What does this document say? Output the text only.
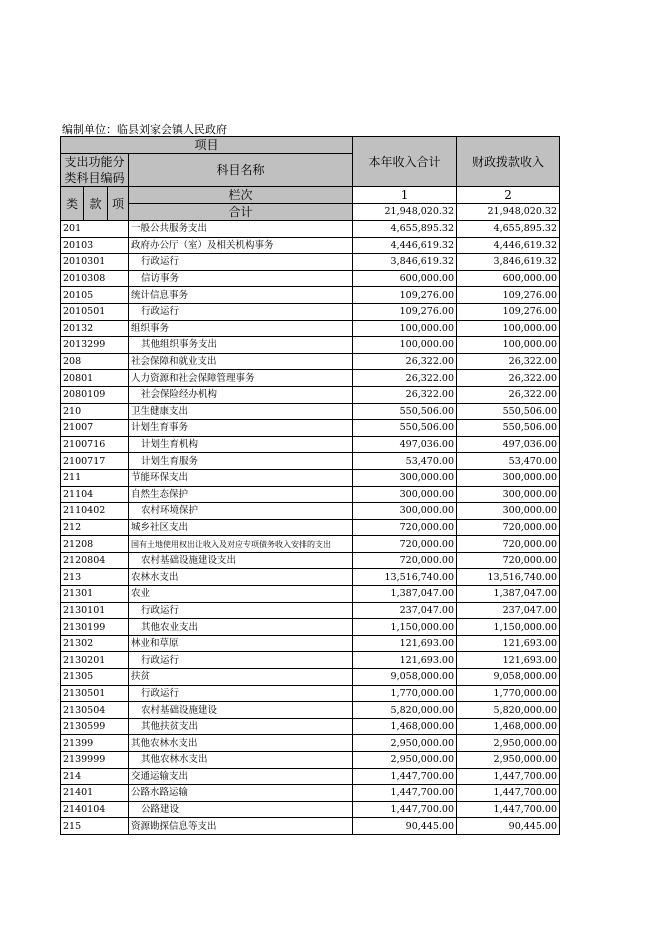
编制单位：临县刘家会镇人民政府
项目				本年收入合计	财政拨款收入

支出功能分
类科目编码			科目名称		

类	款	项	栏次	1	2
			合计	21,948,020.32	21,948,020.32
201			一般公共服务支出	4,655,895.32	4,655,895.32
20103			政府办公厅（室）及相关机构事务	4,446,619.32	4,446,619.32
2010301			行政运行	3,846,619.32	3,846,619.32
2010308			信访事务	600,000.00	600,000.00
20105			统计信息事务	109,276.00	109,276.00
2010501			行政运行	109,276.00	109,276.00
20132			组织事务	100,000.00	100,000.00
2013299			其他组织事务支出	100,000.00	100,000.00
208			社会保障和就业支出	26,322.00	26,322.00
20801			人力资源和社会保障管理事务	26,322.00	26,322.00
2080109			社会保险经办机构	26,322.00	26,322.00
210			卫生健康支出	550,506.00	550,506.00
21007			计划生育事务	550,506.00	550,506.00
2100716			计划生育机构	497,036.00	497,036.00
2100717			计划生育服务	53,470.00	53,470.00
211			节能环保支出	300,000.00	300,000.00
21104			自然生态保护	300,000.00	300,000.00
2110402			农村环境保护	300,000.00	300,000.00
212			城乡社区支出	720,000.00	720,000.00
21208			国有土地使用权出让收入及对应专项债务收入安排的支出	720,000.00	720,000.00
2120804			农村基础设施建设支出	720,000.00	720,000.00
213			农林水支出	13,516,740.00	13,516,740.00
21301			农业	1,387,047.00	1,387,047.00
2130101			行政运行	237,047.00	237,047.00
2130199			其他农业支出	1,150,000.00	1,150,000.00
21302			林业和草原	121,693.00	121,693.00
2130201			行政运行	121,693.00	121,693.00
21305			扶贫	9,058,000.00	9,058,000.00
2130501			行政运行	1,770,000.00	1,770,000.00
2130504			农村基础设施建设	5,820,000.00	5,820,000.00
2130599			其他扶贫支出	1,468,000.00	1,468,000.00
21399			其他农林水支出	2,950,000.00	2,950,000.00
2139999			其他农林水支出	2,950,000.00	2,950,000.00
214			交通运输支出	1,447,700.00	1,447,700.00
21401			公路水路运输	1,447,700.00	1,447,700.00
2140104			公路建设	1,447,700.00	1,447,700.00
215			资源勘探信息等支出	90,445.00	90,445.00
